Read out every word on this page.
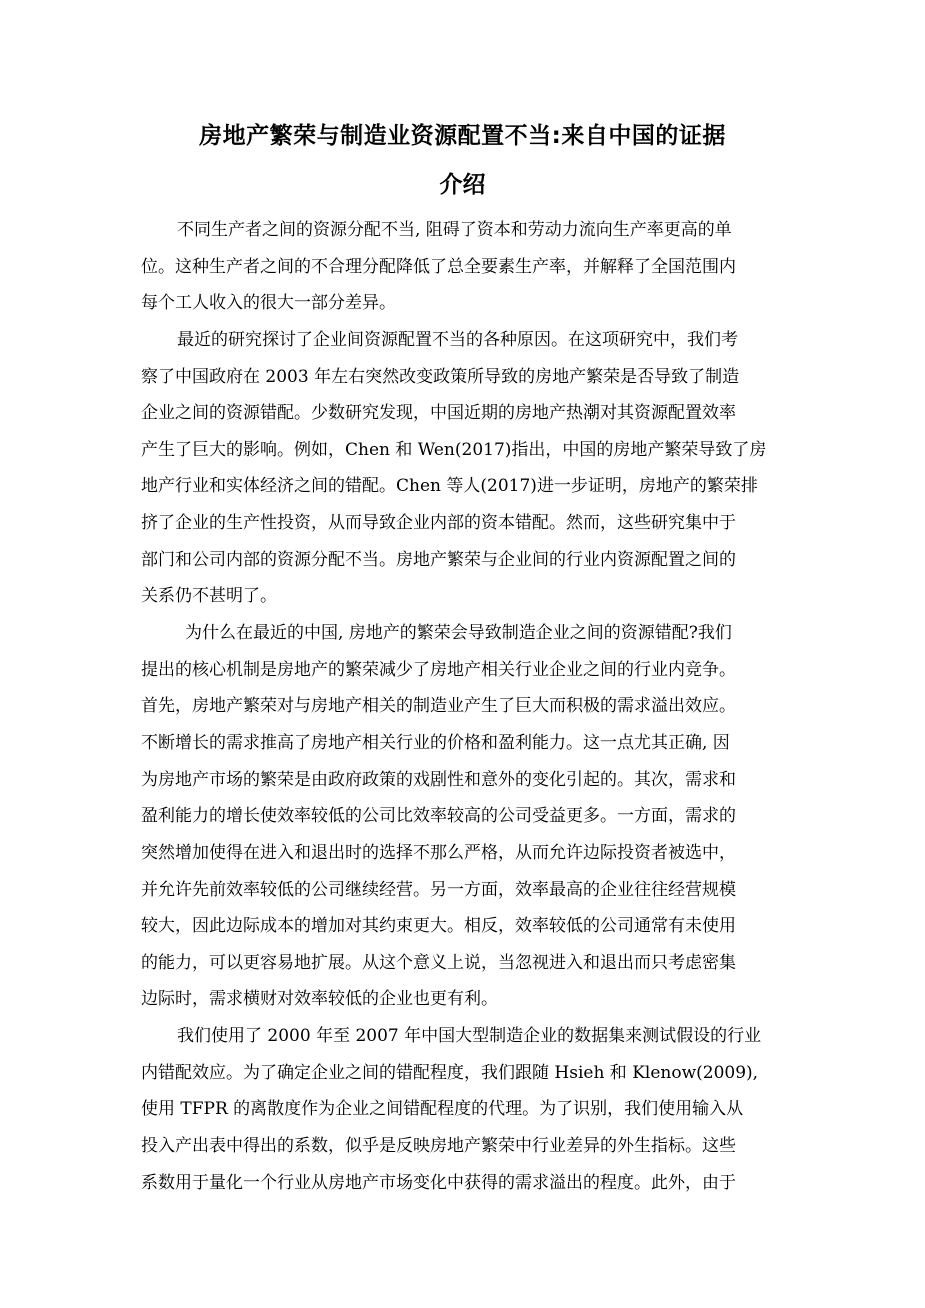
房地产繁荣与制造业资源配置不当:来自中国的证据
介绍
不同生产者之间的资源分配不当, 阻碍了资本和劳动力流向生产率更高的单
位。这种生产者之间的不合理分配降低了总全要素生产率，并解释了全国范围内
每个工人收入的很大一部分差异。
最近的研究探讨了企业间资源配置不当的各种原因。在这项研究中，我们考
察了中国政府在 2003 年左右突然改变政策所导致的房地产繁荣是否导致了制造
企业之间的资源错配。少数研究发现，中国近期的房地产热潮对其资源配置效率
产生了巨大的影响。例如，Chen 和 Wen(2017)指出，中国的房地产繁荣导致了房
地产行业和实体经济之间的错配。Chen 等人(2017)进一步证明，房地产的繁荣排
挤了企业的生产性投资，从而导致企业内部的资本错配。然而，这些研究集中于
部门和公司内部的资源分配不当。房地产繁荣与企业间的行业内资源配置之间的
关系仍不甚明了。
为什么在最近的中国, 房地产的繁荣会导致制造企业之间的资源错配?我们
提出的核心机制是房地产的繁荣减少了房地产相关行业企业之间的行业内竞争。
首先，房地产繁荣对与房地产相关的制造业产生了巨大而积极的需求溢出效应。
不断增长的需求推高了房地产相关行业的价格和盈利能力。这一点尤其正确, 因
为房地产市场的繁荣是由政府政策的戏剧性和意外的变化引起的。其次，需求和
盈利能力的增长使效率较低的公司比效率较高的公司受益更多。一方面，需求的
突然增加使得在进入和退出时的选择不那么严格，从而允许边际投资者被选中，
并允许先前效率较低的公司继续经营。另一方面，效率最高的企业往往经营规模
较大，因此边际成本的增加对其约束更大。相反，效率较低的公司通常有未使用
的能力，可以更容易地扩展。从这个意义上说，当忽视进入和退出而只考虑密集
边际时，需求横财对效率较低的企业也更有利。
我们使用了 2000 年至 2007 年中国大型制造企业的数据集来测试假设的行业
内错配效应。为了确定企业之间的错配程度，我们跟随 Hsieh 和 Klenow(2009),
使用 TFPR 的离散度作为企业之间错配程度的代理。为了识别，我们使用输入从
投入产出表中得出的系数，似乎是反映房地产繁荣中行业差异的外生指标。这些
系数用于量化一个行业从房地产市场变化中获得的需求溢出的程度。此外，由于
